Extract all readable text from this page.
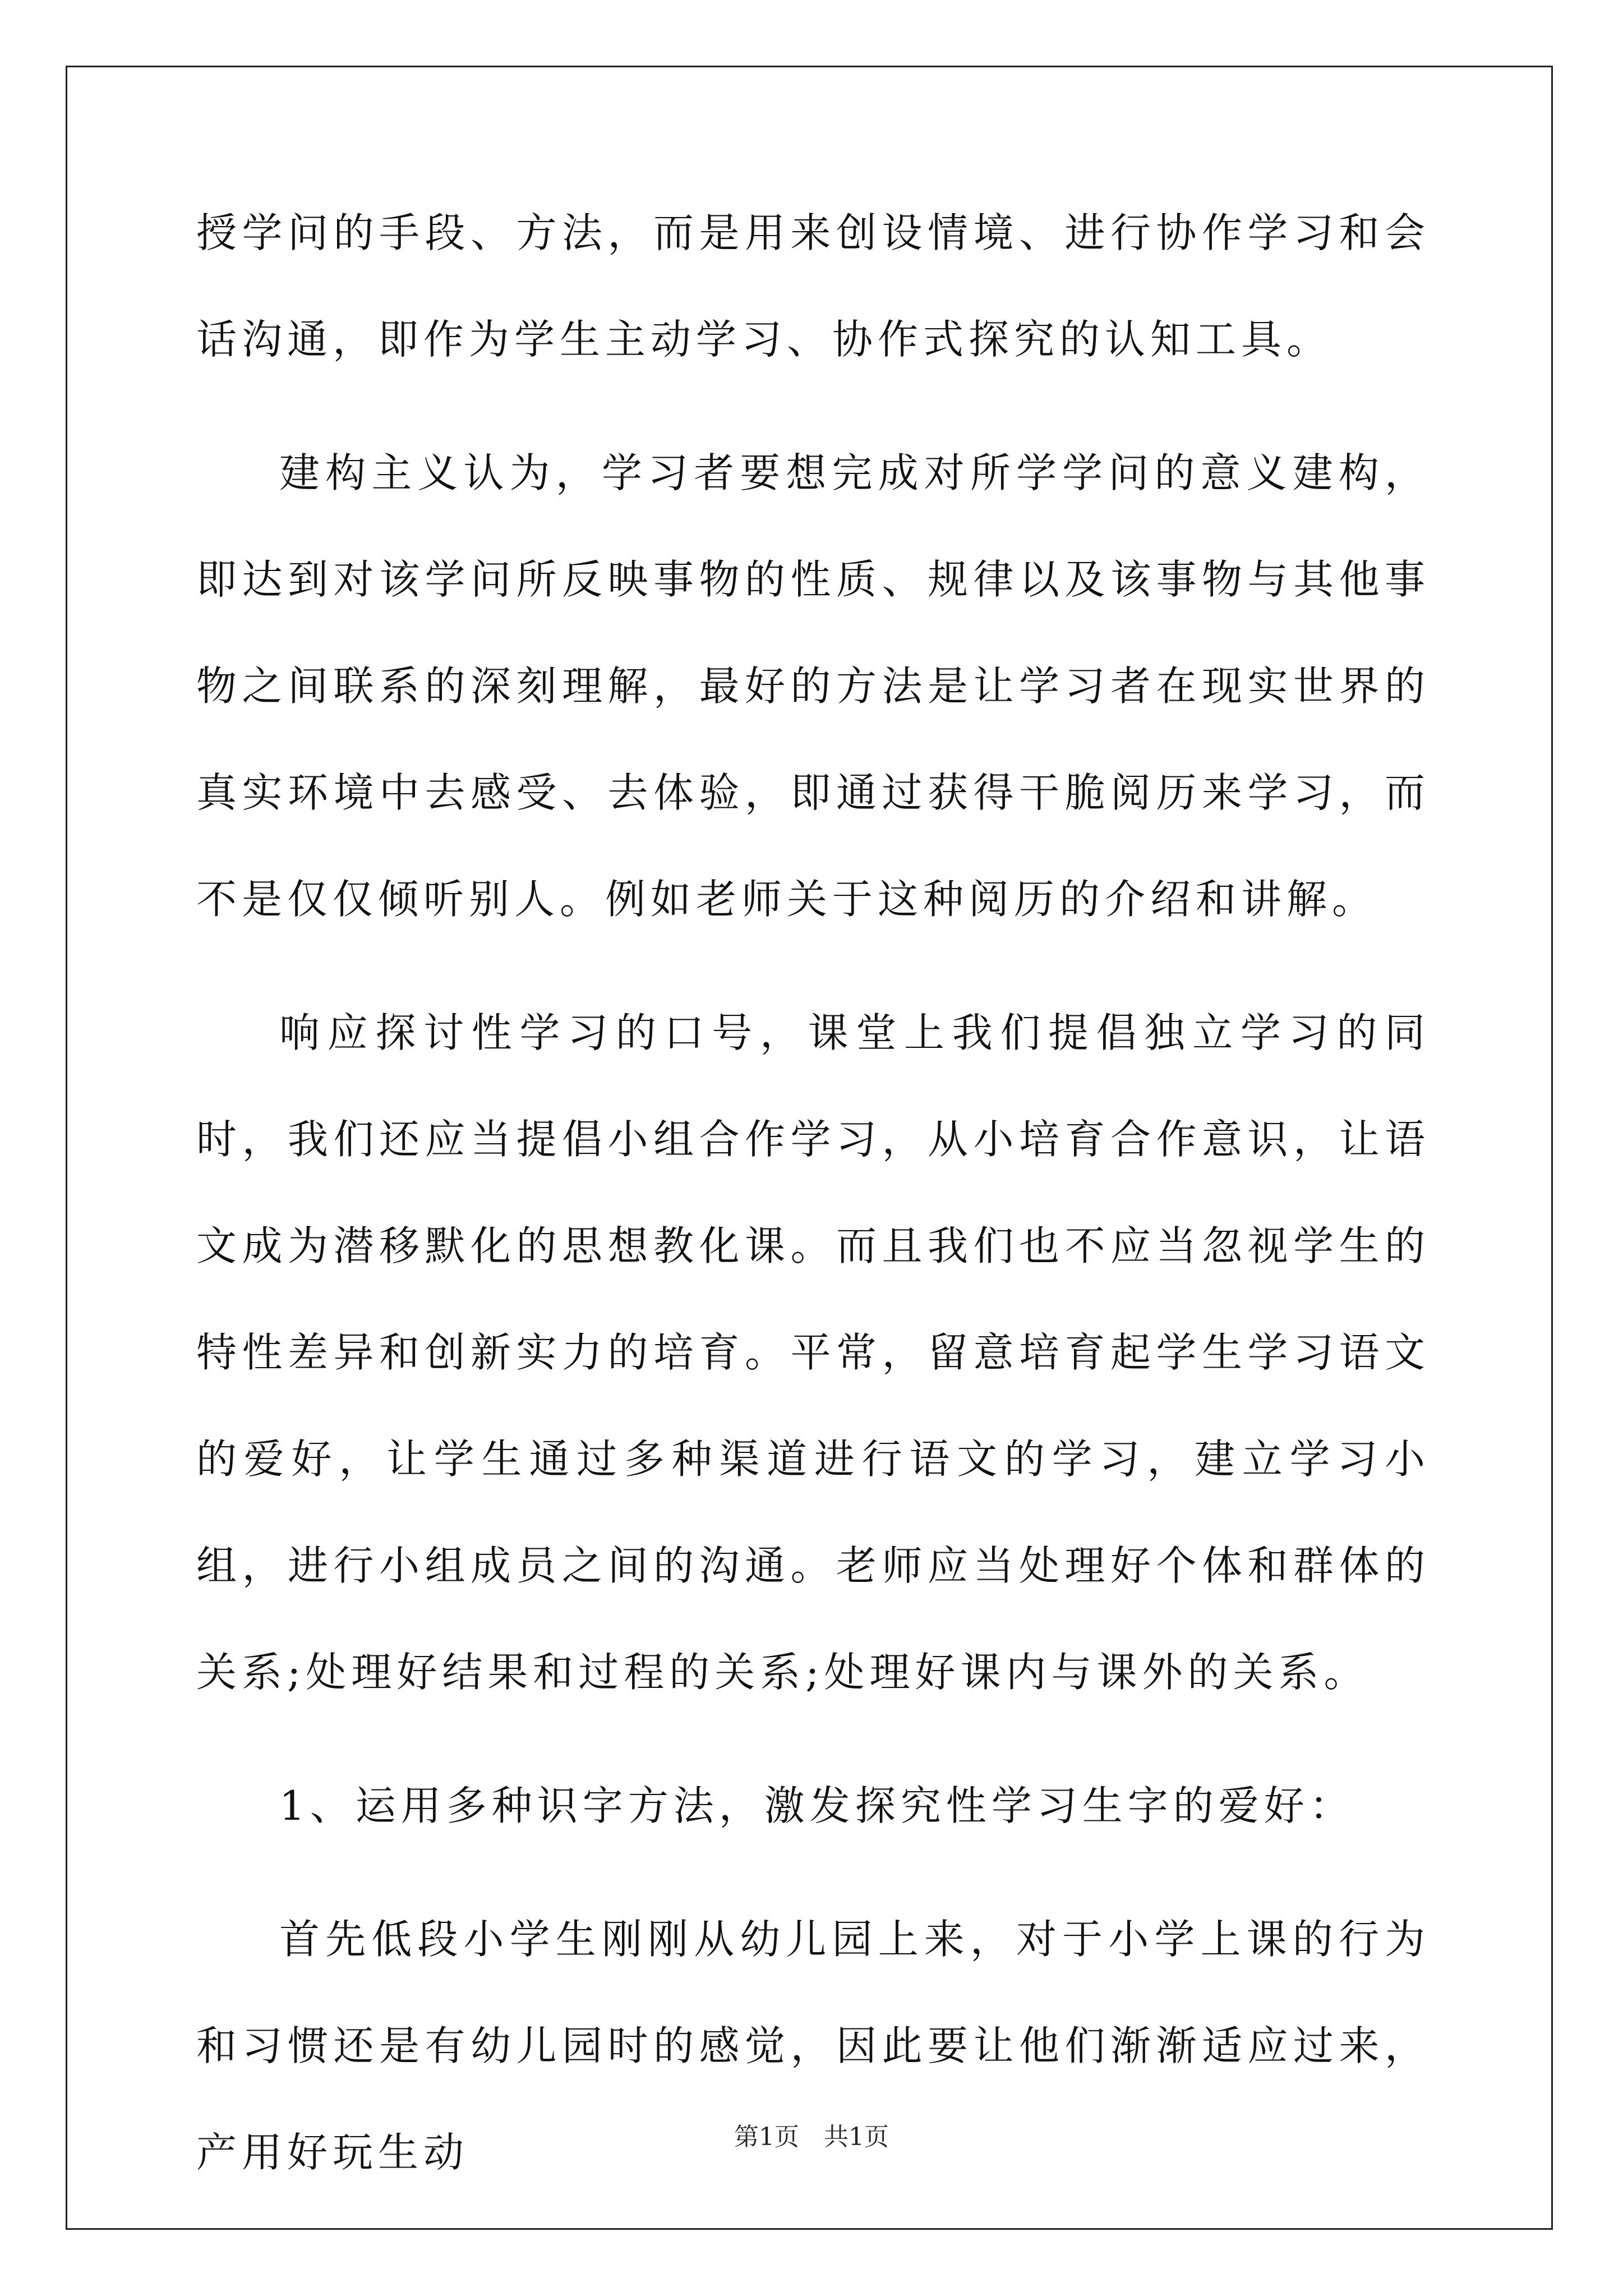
授学问的手段、方法，而是用来创设情境、进行协作学习和会话沟通，即作为学生主动学习、协作式探究的认知工具。

建构主义认为，学习者要想完成对所学学问的意义建构，即达到对该学问所反映事物的性质、规律以及该事物与其他事物之间联系的深刻理解，最好的方法是让学习者在现实世界的真实环境中去感受、去体验，即通过获得干脆阅历来学习，而不是仅仅倾听别人。例如老师关于这种阅历的介绍和讲解。

响应探讨性学习的口号，课堂上我们提倡独立学习的同时，我们还应当提倡小组合作学习，从小培育合作意识，让语文成为潜移默化的思想教化课。而且我们也不应当忽视学生的特性差异和创新实力的培育。平常，留意培育起学生学习语文的爱好，让学生通过多种渠道进行语文的学习，建立学习小组，进行小组成员之间的沟通。老师应当处理好个体和群体的关系;处理好结果和过程的关系;处理好课内与课外的关系。

1、运用多种识字方法，激发探究性学习生字的爱好：

首先低段小学生刚刚从幼儿园上来，对于小学上课的行为和习惯还是有幼儿园时的感觉，因此要让他们渐渐适应过来，产用好玩生动	第1页　共1页
